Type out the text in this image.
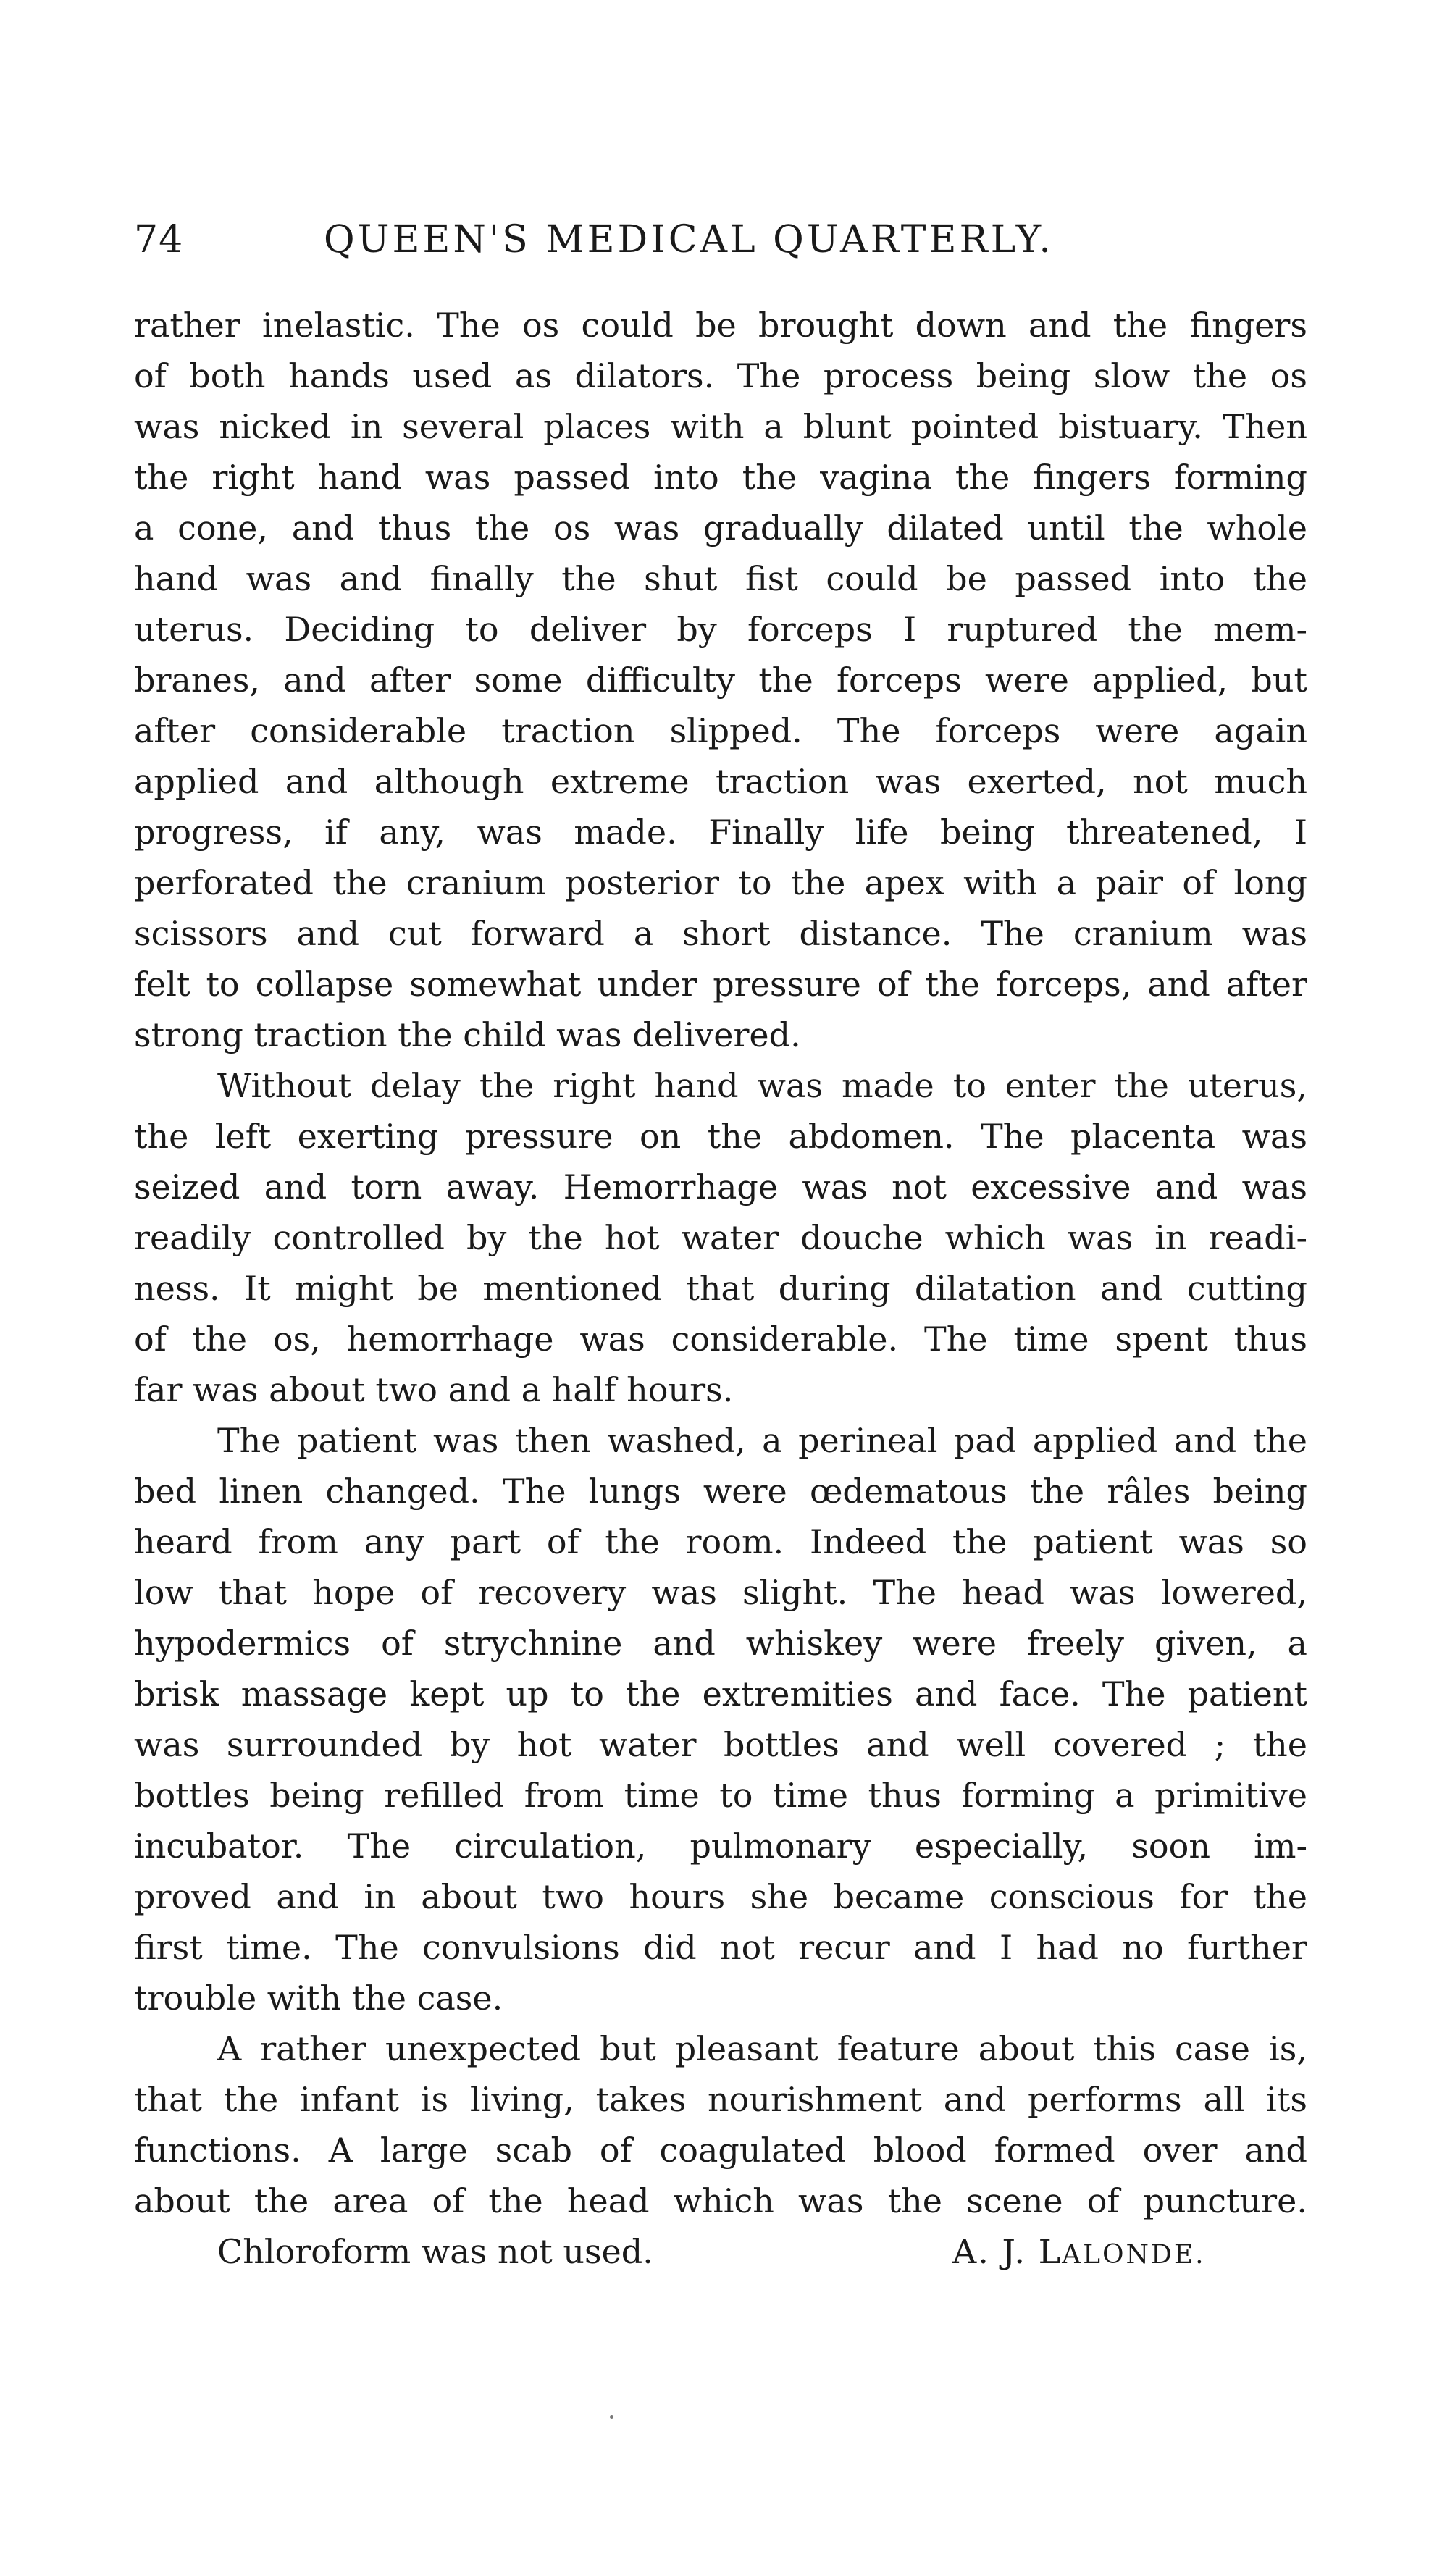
74	QUEEN'S MEDICAL QUARTERLY.
rather inelastic. The os could be brought down and the fingers
of both hands used as dilators. The process being slow the os
was nicked in several places with a blunt pointed bistuary. Then
the right hand was passed into the vagina the fingers forming
a cone, and thus the os was gradually dilated until the whole
hand was and finally the shut fist could be passed into the
uterus. Deciding to deliver by forceps I ruptured the mem-
branes, and after some difficulty the forceps were applied, but
after considerable traction slipped. The forceps were again
applied and although extreme traction was exerted, not much
progress, if any, was made. Finally life being threatened, I
perforated the cranium posterior to the apex with a pair of long
scissors and cut forward a short distance. The cranium was
felt to collapse somewhat under pressure of the forceps, and after
strong traction the child was delivered.
Without delay the right hand was made to enter the uterus,
the left exerting pressure on the abdomen. The placenta was
seized and torn away. Hemorrhage was not excessive and was
readily controlled by the hot water douche which was in readi-
ness. It might be mentioned that during dilatation and cutting
of the os, hemorrhage was considerable. The time spent thus
far was about two and a half hours.
The patient was then washed, a perineal pad applied and the
bed linen changed. The lungs were œdematous the râles being
heard from any part of the room. Indeed the patient was so
low that hope of recovery was slight. The head was lowered,
hypodermics of strychnine and whiskey were freely given, a
brisk massage kept up to the extremities and face. The patient
was surrounded by hot water bottles and well covered ; the
bottles being refilled from time to time thus forming a primitive
incubator. The circulation, pulmonary especially, soon im-
proved and in about two hours she became conscious for the
first time. The convulsions did not recur and I had no further
trouble with the case.
A rather unexpected but pleasant feature about this case is,
that the infant is living, takes nourishment and performs all its
functions. A large scab of coagulated blood formed over and
about the area of the head which was the scene of puncture.
Chloroform was not used.	A. J. LALONDE.
